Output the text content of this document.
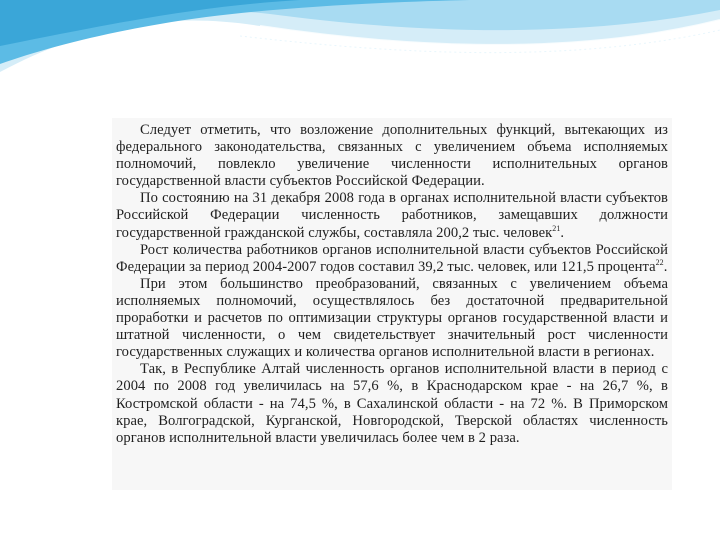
Следует отметить, что возложение дополнительных функций, вытекающих из федерального законодательства, связанных с увеличением объема исполняемых полномочий, повлекло увеличение численности исполнительных органов государственной власти субъектов Российской Федерации.

По состоянию на 31 декабря 2008 года в органах исполнительной власти субъектов Российской Федерации численность работников, замещавших должности государственной гражданской службы, составляла 200,2 тыс. человек$^{21}$.

Рост количества работников органов исполнительной власти субъектов Российской Федерации за период 2004-2007 годов составил 39,2 тыс. человек, или 121,5 процента$^{22}$.

При этом большинство преобразований, связанных с увеличением объема исполняемых полномочий, осуществлялось без достаточной предварительной проработки и расчетов по оптимизации структуры органов государственной власти и штатной численности, о чем свидетельствует значительный рост численности государственных служащих и количества органов исполнительной власти в регионах.

Так, в Республике Алтай численность органов исполнительной власти в период с 2004 по 2008 год увеличилась на 57,6 %, в Краснодарском крае - на 26,7 %, в Костромской области - на 74,5 %, в Сахалинской области - на 72 %. В Приморском крае, Волгоградской, Курганской, Новгородской, Тверской областях численность органов исполнительной власти увеличилась более чем в 2 раза.
